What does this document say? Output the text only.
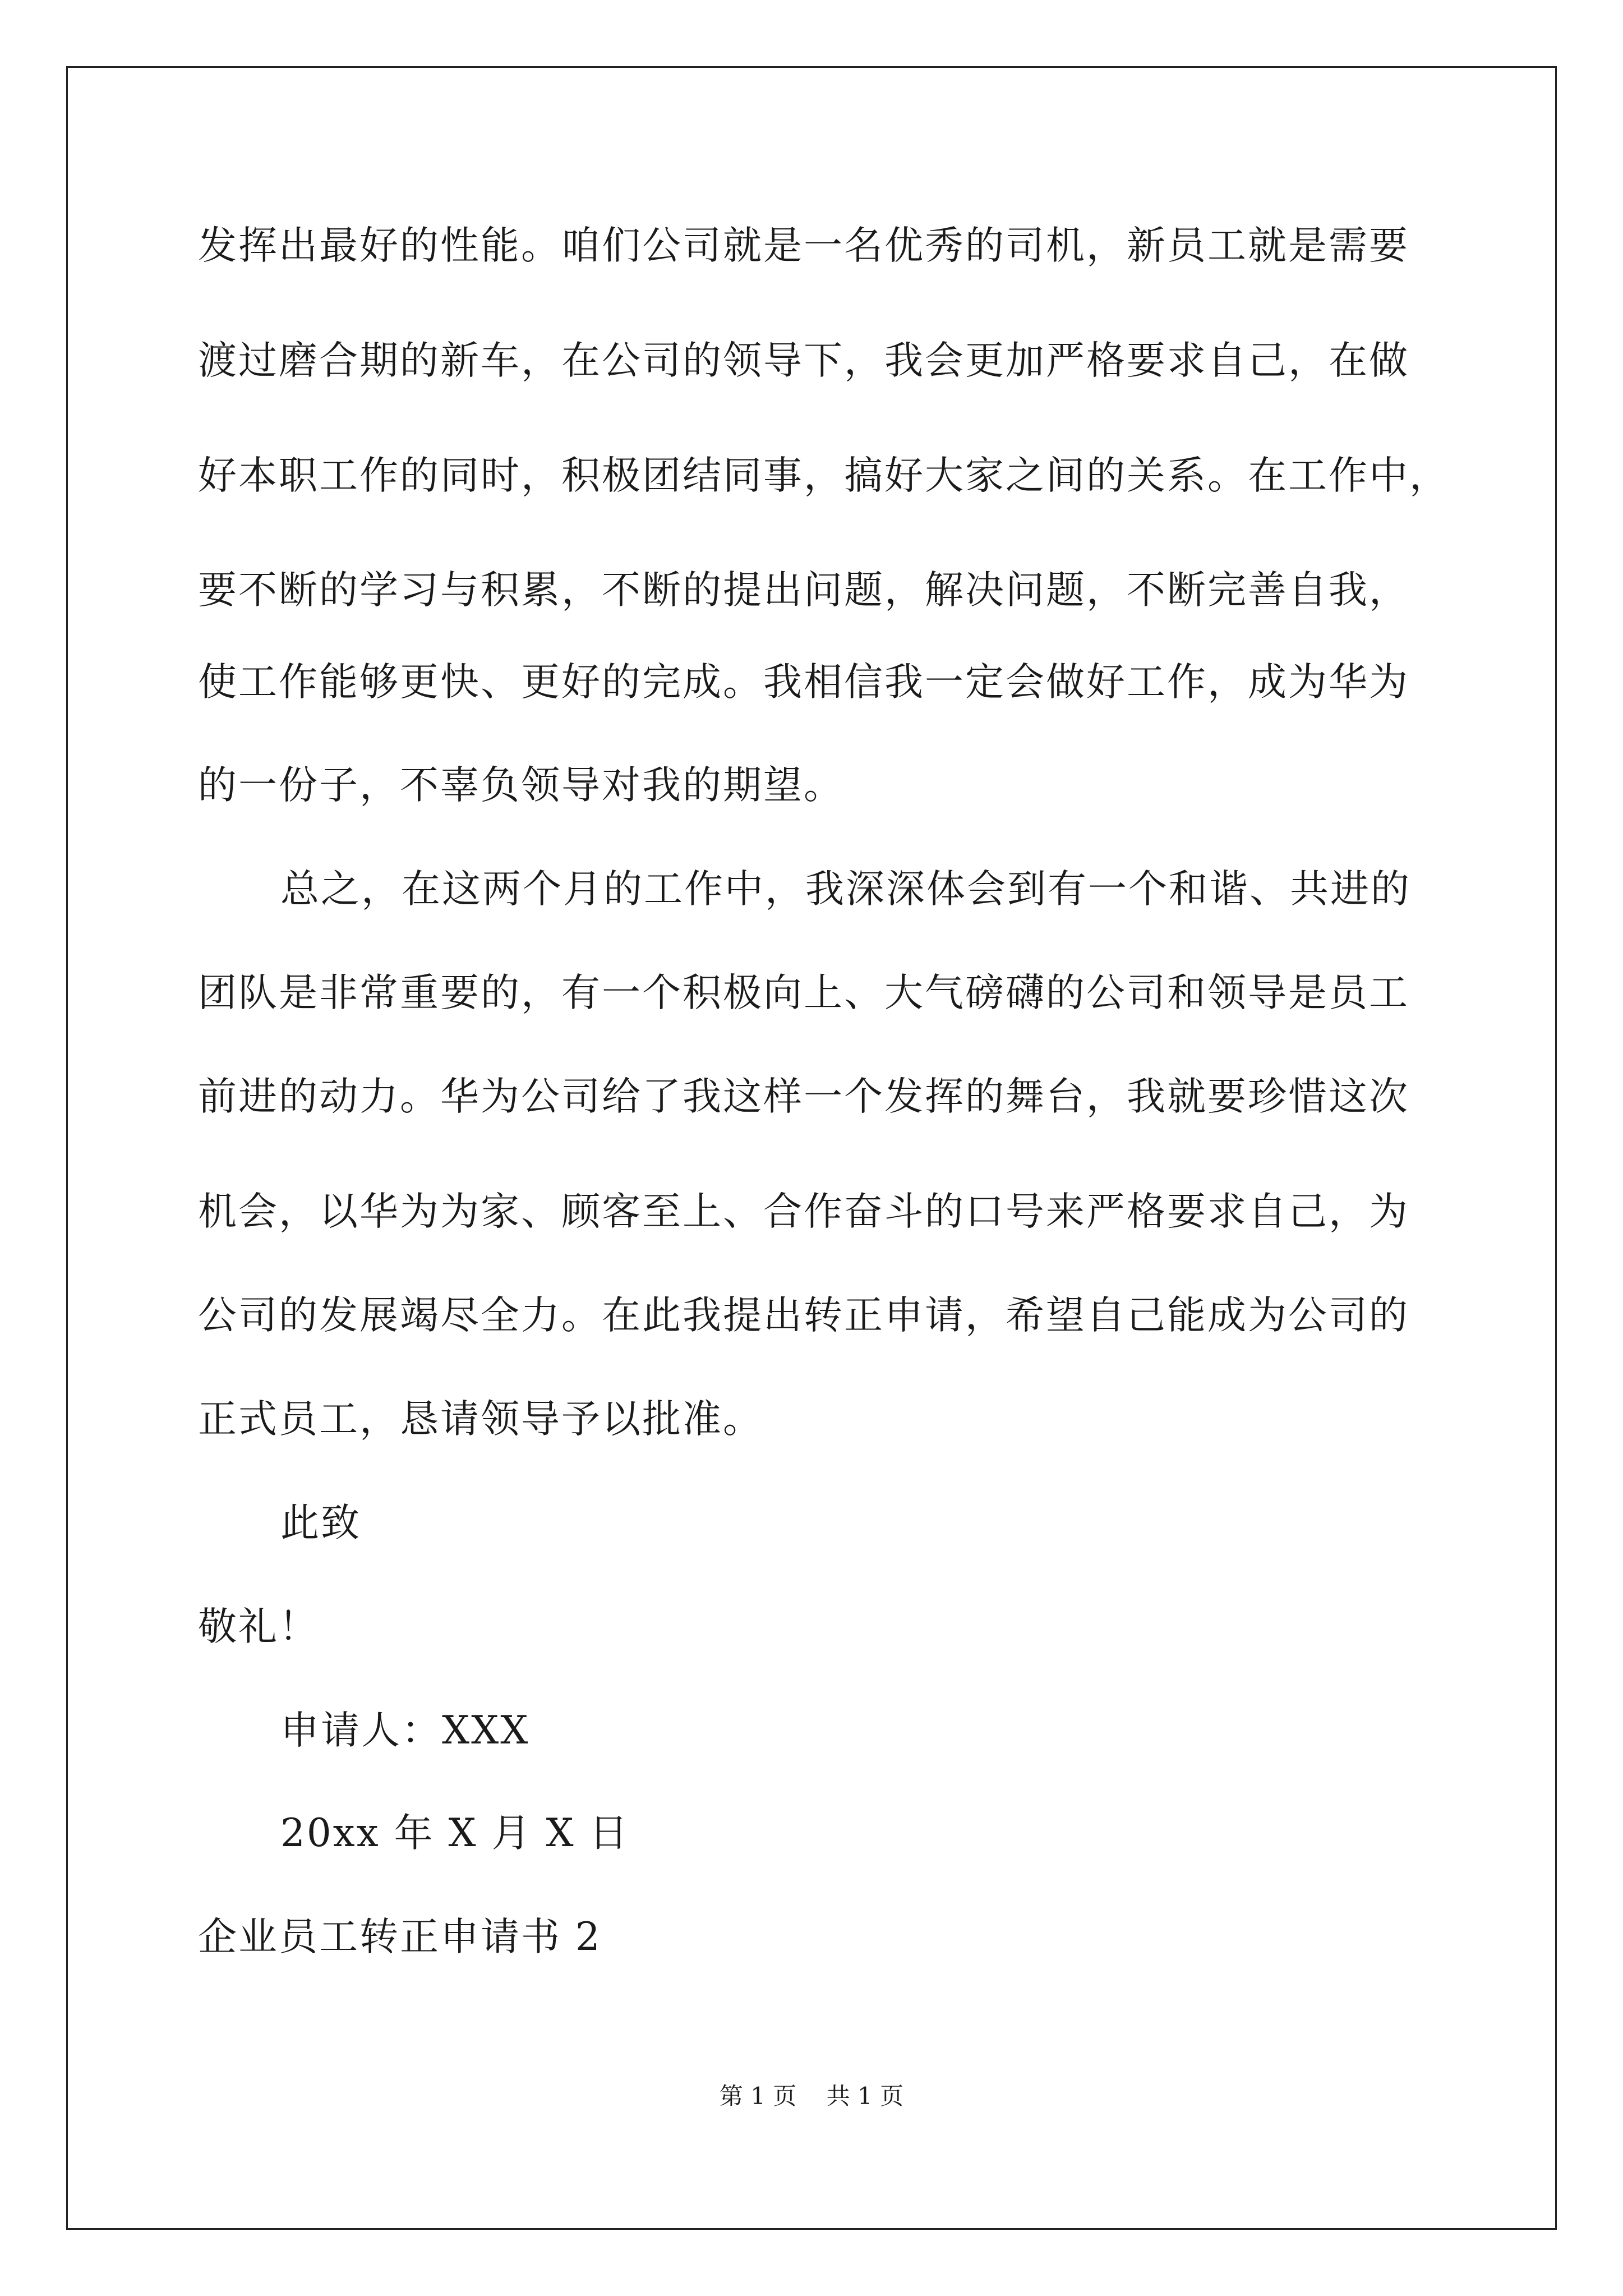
发挥出最好的性能。咱们公司就是一名优秀的司机，新员工就是需要
渡过磨合期的新车，在公司的领导下，我会更加严格要求自己，在做
好本职工作的同时，积极团结同事，搞好大家之间的关系。在工作中，
要不断的学习与积累，不断的提出问题，解决问题，不断完善自我，
使工作能够更快、更好的完成。我相信我一定会做好工作，成为华为
的一份子，不辜负领导对我的期望。
总之，在这两个月的工作中，我深深体会到有一个和谐、共进的
团队是非常重要的，有一个积极向上、大气磅礴的公司和领导是员工
前进的动力。华为公司给了我这样一个发挥的舞台，我就要珍惜这次
机会，以华为为家、顾客至上、合作奋斗的口号来严格要求自己，为
公司的发展竭尽全力。在此我提出转正申请，希望自己能成为公司的
正式员工，恳请领导予以批准。
此致
敬礼！
申请人：XXX
20xx 年 X 月 X 日
企业员工转正申请书 2
第 1 页    共 1 页
